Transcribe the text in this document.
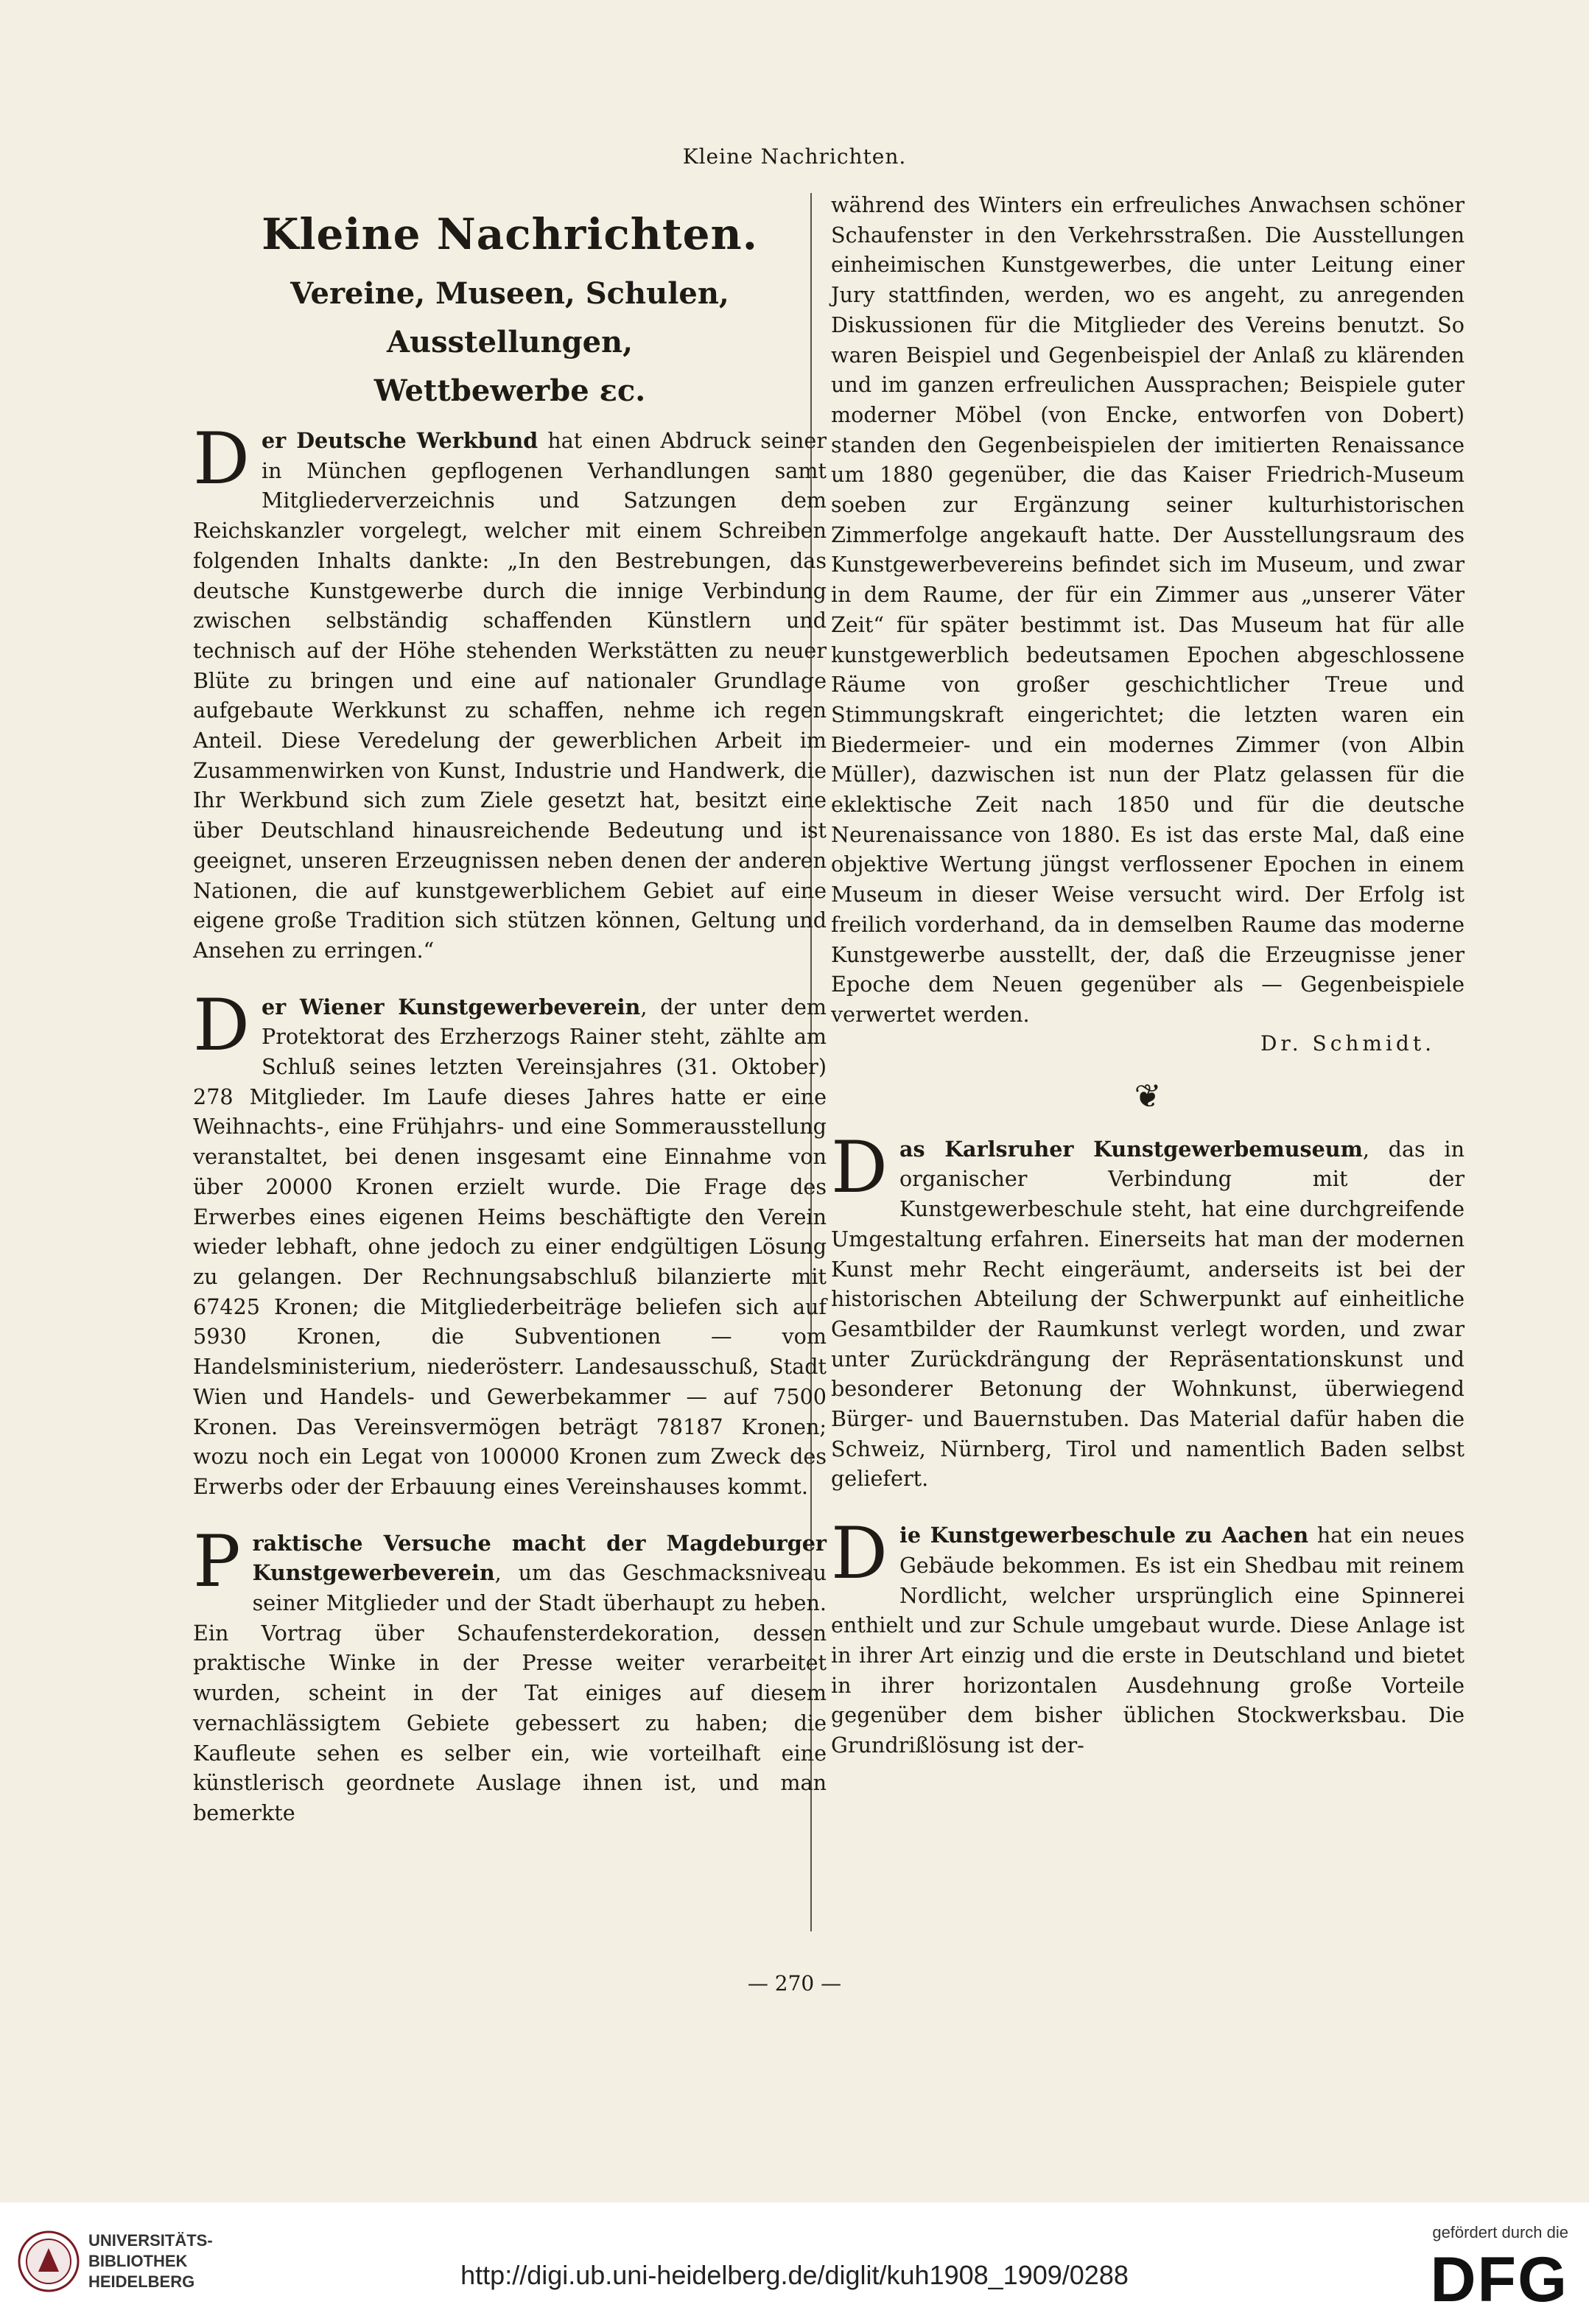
Kleine Nachrichten.
Kleine Nachrichten.
Vereine, Museen, Schulen, Ausstellungen,
Wettbewerbe ɛc.

Der Deutsche Werkbund hat einen Abdruck seiner in München gepflogenen Verhandlungen samt Mitgliederverzeichnis und Satzungen dem Reichskanzler vorgelegt, welcher mit einem Schreiben folgenden Inhalts dankte: „In den Bestrebungen, das deutsche Kunstgewerbe durch die innige Verbindung zwischen selbständig schaffenden Künstlern und technisch auf der Höhe stehenden Werkstätten zu neuer Blüte zu bringen und eine auf nationaler Grundlage aufgebaute Werkkunst zu schaffen, nehme ich regen Anteil. Diese Veredelung der gewerblichen Arbeit im Zusammenwirken von Kunst, Industrie und Handwerk, die Ihr Werkbund sich zum Ziele gesetzt hat, besitzt eine über Deutschland hinausreichende Bedeutung und ist geeignet, unseren Erzeugnissen neben denen der anderen Nationen, die auf kunstgewerblichem Gebiet auf eine eigene große Tradition sich stützen können, Geltung und Ansehen zu erringen.“

Der Wiener Kunstgewerbeverein, der unter dem Protektorat des Erzherzogs Rainer steht, zählte am Schluß seines letzten Vereinsjahres (31. Oktober) 278 Mitglieder. Im Laufe dieses Jahres hatte er eine Weihnachts-, eine Frühjahrs- und eine Sommerausstellung veranstaltet, bei denen insgesamt eine Einnahme von über 20000 Kronen erzielt wurde. Die Frage des Erwerbes eines eigenen Heims beschäftigte den Verein wieder lebhaft, ohne jedoch zu einer endgültigen Lösung zu gelangen. Der Rechnungsabschluß bilanzierte mit 67425 Kronen; die Mitgliederbeiträge beliefen sich auf 5930 Kronen, die Subventionen — vom Handelsministerium, niederösterr. Landesausschuß, Stadt Wien und Handels- und Gewerbekammer — auf 7500 Kronen. Das Vereinsvermögen beträgt 78187 Kronen; wozu noch ein Legat von 100000 Kronen zum Zweck des Erwerbs oder der Erbauung eines Vereinshauses kommt.

Praktische Versuche macht der Magdeburger Kunstgewerbeverein, um das Geschmacksniveau seiner Mitglieder und der Stadt überhaupt zu heben. Ein Vortrag über Schaufensterdekoration, dessen praktische Winke in der Presse weiter verarbeitet wurden, scheint in der Tat einiges auf diesem vernachlässigtem Gebiete gebessert zu haben; die Kaufleute sehen es selber ein, wie vorteilhaft eine künstlerisch geordnete Auslage ihnen ist, und man bemerkte

während des Winters ein erfreuliches Anwachsen schöner Schaufenster in den Verkehrsstraßen. Die Ausstellungen einheimischen Kunstgewerbes, die unter Leitung einer Jury stattfinden, werden, wo es angeht, zu anregenden Diskussionen für die Mitglieder des Vereins benutzt. So waren Beispiel und Gegenbeispiel der Anlaß zu klärenden und im ganzen erfreulichen Aussprachen; Beispiele guter moderner Möbel (von Encke, entworfen von Dobert) standen den Gegenbeispielen der imitierten Renaissance um 1880 gegenüber, die das Kaiser Friedrich-Museum soeben zur Ergänzung seiner kulturhistorischen Zimmerfolge angekauft hatte. Der Ausstellungsraum des Kunstgewerbevereins befindet sich im Museum, und zwar in dem Raume, der für ein Zimmer aus „unserer Väter Zeit“ für später bestimmt ist. Das Museum hat für alle kunstgewerblich bedeutsamen Epochen abgeschlossene Räume von großer geschichtlicher Treue und Stimmungskraft eingerichtet; die letzten waren ein Biedermeier- und ein modernes Zimmer (von Albin Müller), dazwischen ist nun der Platz gelassen für die eklektische Zeit nach 1850 und für die deutsche Neurenaissance von 1880. Es ist das erste Mal, daß eine objektive Wertung jüngst verflossener Epochen in einem Museum in dieser Weise versucht wird. Der Erfolg ist freilich vorderhand, da in demselben Raume das moderne Kunstgewerbe ausstellt, der, daß die Erzeugnisse jener Epoche dem Neuen gegenüber als — Gegenbeispiele verwertet werden.

Dr. Schmidt.
❦

Das Karlsruher Kunstgewerbemuseum, das in organischer Verbindung mit der Kunstgewerbeschule steht, hat eine durchgreifende Umgestaltung erfahren. Einerseits hat man der modernen Kunst mehr Recht eingeräumt, anderseits ist bei der historischen Abteilung der Schwerpunkt auf einheitliche Gesamtbilder der Raumkunst verlegt worden, und zwar unter Zurückdrängung der Repräsentationskunst und besonderer Betonung der Wohnkunst, überwiegend Bürger- und Bauernstuben. Das Material dafür haben die Schweiz, Nürnberg, Tirol und namentlich Baden selbst geliefert.

Die Kunstgewerbeschule zu Aachen hat ein neues Gebäude bekommen. Es ist ein Shedbau mit reinem Nordlicht, welcher ursprünglich eine Spinnerei enthielt und zur Schule umgebaut wurde. Diese Anlage ist in ihrer Art einzig und die erste in Deutschland und bietet in ihrer horizontalen Ausdehnung große Vorteile gegenüber dem bisher üblichen Stockwerksbau. Die Grundrißlösung ist der-

— 270 —
UNIVERSITÄTS-
BIBLIOTHEK
HEIDELBERG	http://digi.ub.uni-heidelberg.de/diglit/kuh1908_1909/0288
gefördert durch die
DFG
